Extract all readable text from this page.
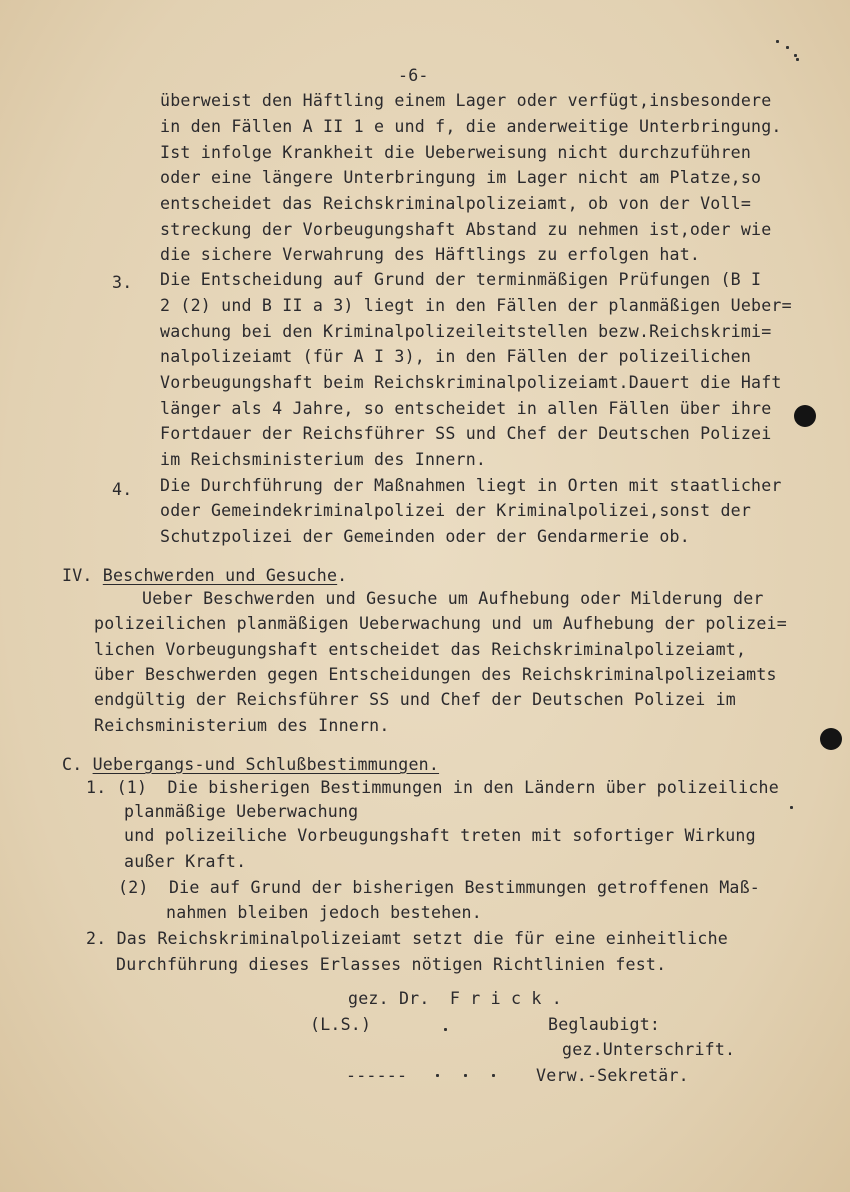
-6-
überweist den Häftling einem Lager oder verfügt,insbesondere
in den Fällen A II 1 e und f, die anderweitige Unterbringung.
Ist infolge Krankheit die Ueberweisung nicht durchzuführen
oder eine längere Unterbringung im Lager nicht am Platze,so
entscheidet das Reichskriminalpolizeiamt, ob von der Voll=
streckung der Vorbeugungshaft Abstand zu nehmen ist,oder wie
die sichere Verwahrung des Häftlings zu erfolgen hat.
3. Die Entscheidung auf Grund der terminmäßigen Prüfungen (B I
2 (2) und B II a 3) liegt in den Fällen der planmäßigen Ueber=
wachung bei den Kriminalpolizeileitstellen bezw.Reichskrimi=
nalpolizeiamt (für A I 3), in den Fällen der polizeilichen
Vorbeugungshaft beim Reichskriminalpolizeiamt.Dauert die Haft
länger als 4 Jahre, so entscheidet in allen Fällen über ihre
Fortdauer der Reichsführer SS und Chef der Deutschen Polizei
im Reichsministerium des Innern.
4. Die Durchführung der Maßnahmen liegt in Orten mit staatlicher
oder Gemeindekriminalpolizei der Kriminalpolizei,sonst der
Schutzpolizei der Gemeinden oder der Gendarmerie ob.
IV. Beschwerden und Gesuche.
Ueber Beschwerden und Gesuche um Aufhebung oder Milderung der
polizeilichen planmäßigen Ueberwachung und um Aufhebung der polizei=
lichen Vorbeugungshaft entscheidet das Reichskriminalpolizeiamt,
über Beschwerden gegen Entscheidungen des Reichskriminalpolizeiamts
endgültig der Reichsführer SS und Chef der Deutschen Polizei im
Reichsministerium des Innern.
C. Uebergangs-und Schlußbestimmungen.
1. (1)  Die bisherigen Bestimmungen in den Ländern über polizeiliche
planmäßige Ueberwachung
und polizeiliche Vorbeugungshaft treten mit sofortiger Wirkung
außer Kraft.
(2)  Die auf Grund der bisherigen Bestimmungen getroffenen Maß-
nahmen bleiben jedoch bestehen.
2. Das Reichskriminalpolizeiamt setzt die für eine einheitliche
Durchführung dieses Erlasses nötigen Richtlinien fest.
gez. Dr.  F r i c k .
(L.S.)	Beglaubigt:
gez.Unterschrift.
------	Verw.-Sekretär.
